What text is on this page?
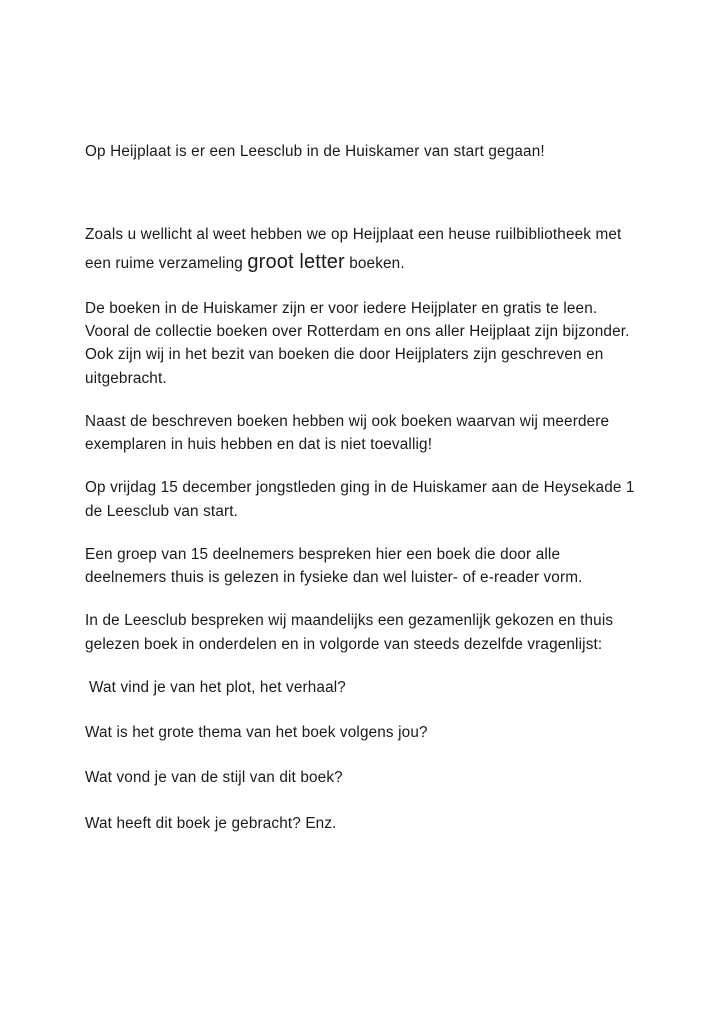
Op Heijplaat is er een Leesclub in de Huiskamer van start gegaan!

Zoals u wellicht al weet hebben we op Heijplaat een heuse ruilbibliotheek met een ruime verzameling groot letter boeken.

De boeken in de Huiskamer zijn er voor iedere Heijplater en gratis te leen. Vooral de collectie boeken over Rotterdam en ons aller Heijplaat zijn bijzonder. Ook zijn wij in het bezit van boeken die door Heijplaters zijn geschreven en uitgebracht.

Naast de beschreven boeken hebben wij ook boeken waarvan wij meerdere exemplaren in huis hebben en dat is niet toevallig!

Op vrijdag 15 december jongstleden ging in de Huiskamer aan de Heysekade 1 de Leesclub van start.

Een groep van 15 deelnemers bespreken hier een boek die door alle deelnemers thuis is gelezen in fysieke dan wel luister- of e-reader vorm.

In de Leesclub bespreken wij maandelijks een gezamenlijk gekozen en thuis gelezen boek in onderdelen en in volgorde van steeds dezelfde vragenlijst:

Wat vind je van het plot, het verhaal?

Wat is het grote thema van het boek volgens jou?

Wat vond je van de stijl van dit boek?

Wat heeft dit boek je gebracht? Enz.
